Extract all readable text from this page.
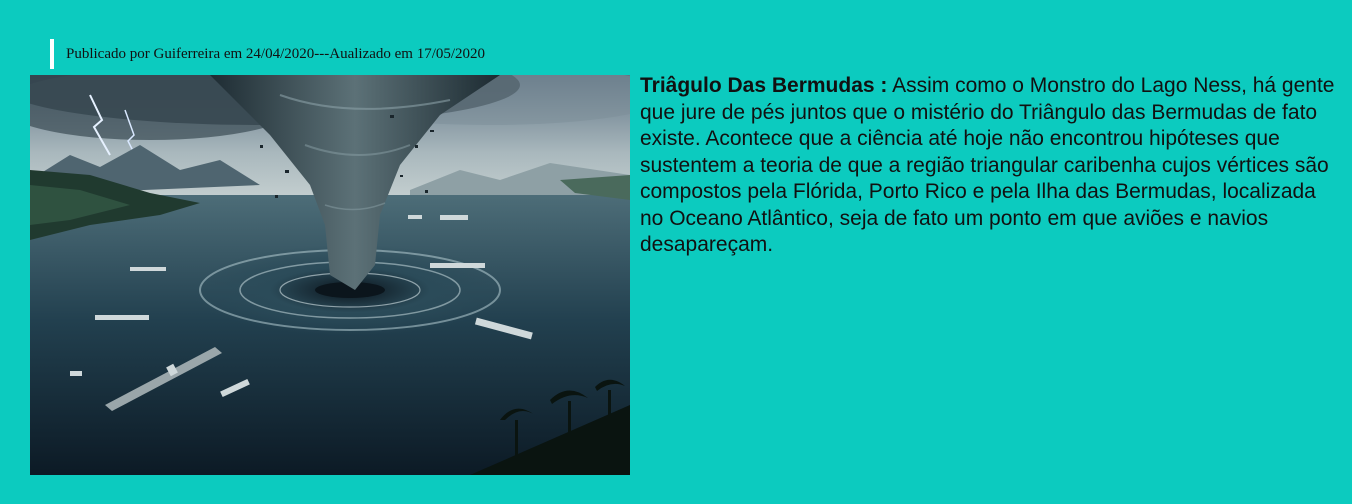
Publicado por Guiferreira em 24/04/2020---Aualizado em 17/05/2020

Triâgulo Das Bermudas : Assim como o Monstro do Lago Ness, há gente que jure de pés juntos que o mistério do Triângulo das Bermudas de fato existe. Acontece que a ciência até hoje não encontrou hipóteses que sustentem a teoria de que a região triangular caribenha cujos vértices são compostos pela Flórida, Porto Rico e pela Ilha das Bermudas, localizada no Oceano Atlântico, seja de fato um ponto em que aviões e navios desapareçam.
